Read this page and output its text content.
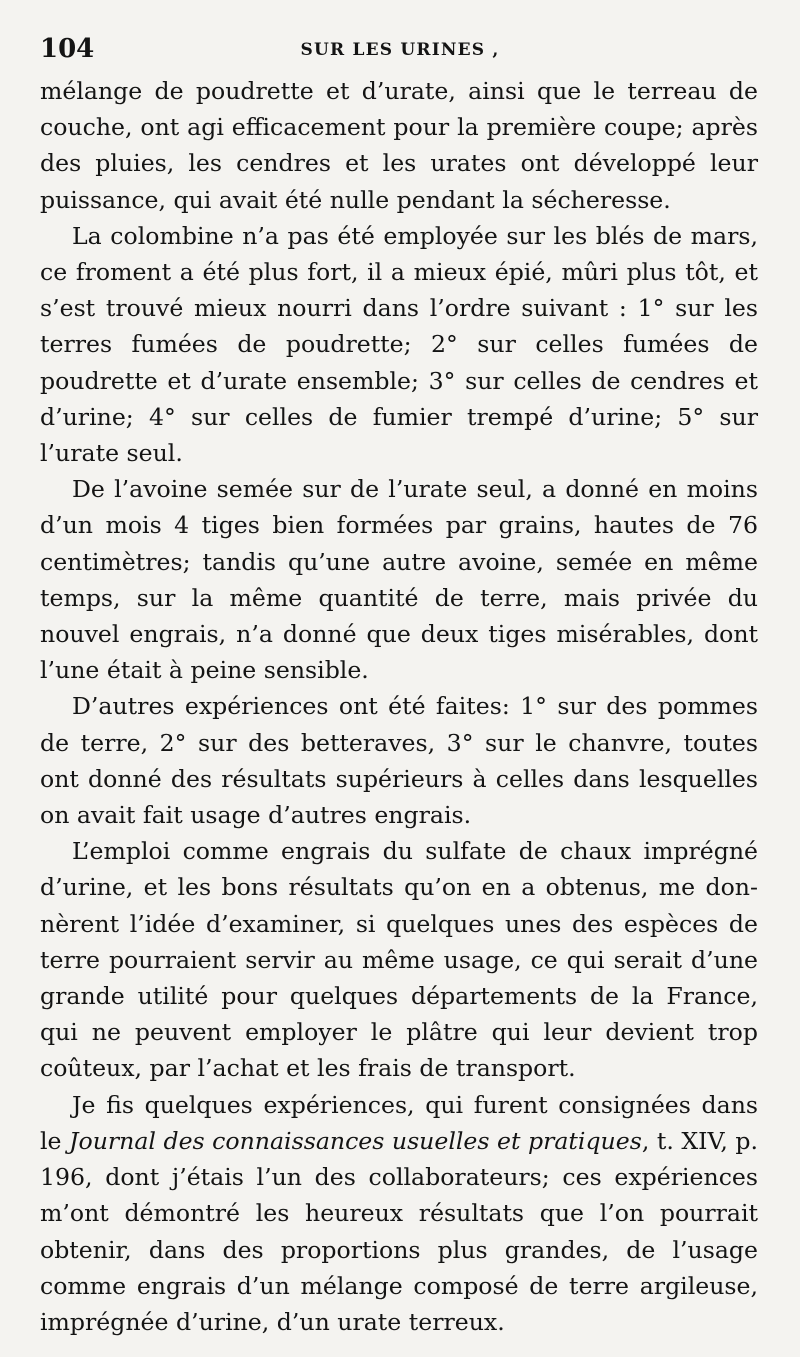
104	SUR LES URINES ,

mélange de poudrette et d’urate, ainsi que le terreau de couche, ont agi efficacement pour la première coupe; après des pluies, les cendres et les urates ont développé leur puissance, qui avait été nulle pendant la sécheresse.

La colombine n’a pas été employée sur les blés de mars, ce froment a été plus fort, il a mieux épié, mûri plus tôt, et s’est trouvé mieux nourri dans l’ordre suivant : 1° sur les terres fumées de poudrette; 2° sur celles fumées de poudrette et d’urate ensemble; 3° sur celles de cendres et d’urine; 4° sur celles de fumier trempé d’urine; 5° sur l’urate seul.

De l’avoine semée sur de l’urate seul, a donné en moins d’un mois 4 tiges bien formées par grains, hautes de 76 centimètres; tandis qu’une autre avoine, semée en même temps, sur la même quantité de terre, mais privée du nouvel engrais, n’a donné que deux tiges misérables, dont l’une était à peine sensible.

D’autres expériences ont été faites: 1° sur des pommes de terre, 2° sur des betteraves, 3° sur le chanvre, toutes ont donné des résultats supérieurs à celles dans lesquelles on avait fait usage d’autres engrais.

L’emploi comme engrais du sulfate de chaux imprégné d’urine, et les bons résultats qu’on en a obtenus, me donnèrent l’idée d’examiner, si quelques unes des espèces de terre pourraient servir au même usage, ce qui serait d’une grande utilité pour quelques départements de la France, qui ne peuvent employer le plâtre qui leur devient trop coûteux, par l’achat et les frais de transport.

Je fis quelques expériences, qui furent consignées dans le Journal des connaissances usuelles et pratiques, t. XIV, p. 196, dont j’étais l’un des collaborateurs; ces expériences m’ont démontré les heureux résultats que l’on pourrait obtenir, dans des proportions plus grandes, de l’usage comme engrais d’un mélange composé de terre argileuse, imprégnée d’urine, d’un urate terreux.
